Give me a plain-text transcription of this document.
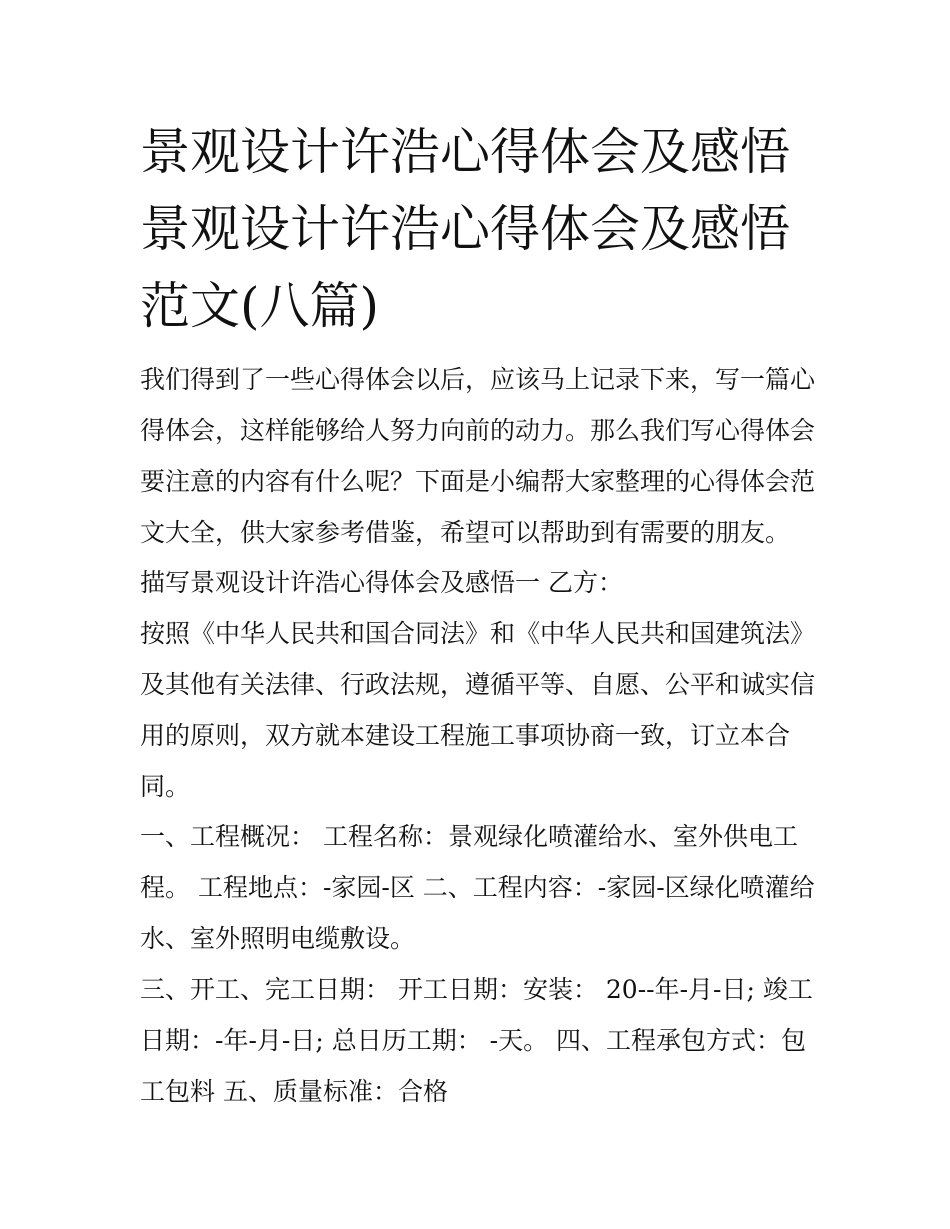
景观设计许浩心得体会及感悟景观设计许浩心得体会及感悟范文(八篇)

我们得到了一些心得体会以后，应该马上记录下来，写一篇心得体会，这样能够给人努力向前的动力。那么我们写心得体会要注意的内容有什么呢？下面是小编帮大家整理的心得体会范文大全，供大家参考借鉴，希望可以帮助到有需要的朋友。

描写景观设计许浩心得体会及感悟一 乙方：

按照《中华人民共和国合同法》和《中华人民共和国建筑法》及其他有关法律、行政法规，遵循平等、自愿、公平和诚实信用的原则，双方就本建设工程施工事项协商一致，订立本合同。

一、工程概况： 工程名称：景观绿化喷灌给水、室外供电工程。 工程地点：-家园-区 二、工程内容：-家园-区绿化喷灌给水、室外照明电缆敷设。

三、开工、完工日期： 开工日期：安装： 20--年-月-日; 竣工日期：-年-月-日; 总日历工期： -天。 四、工程承包方式：包工包料 五、质量标准：合格
